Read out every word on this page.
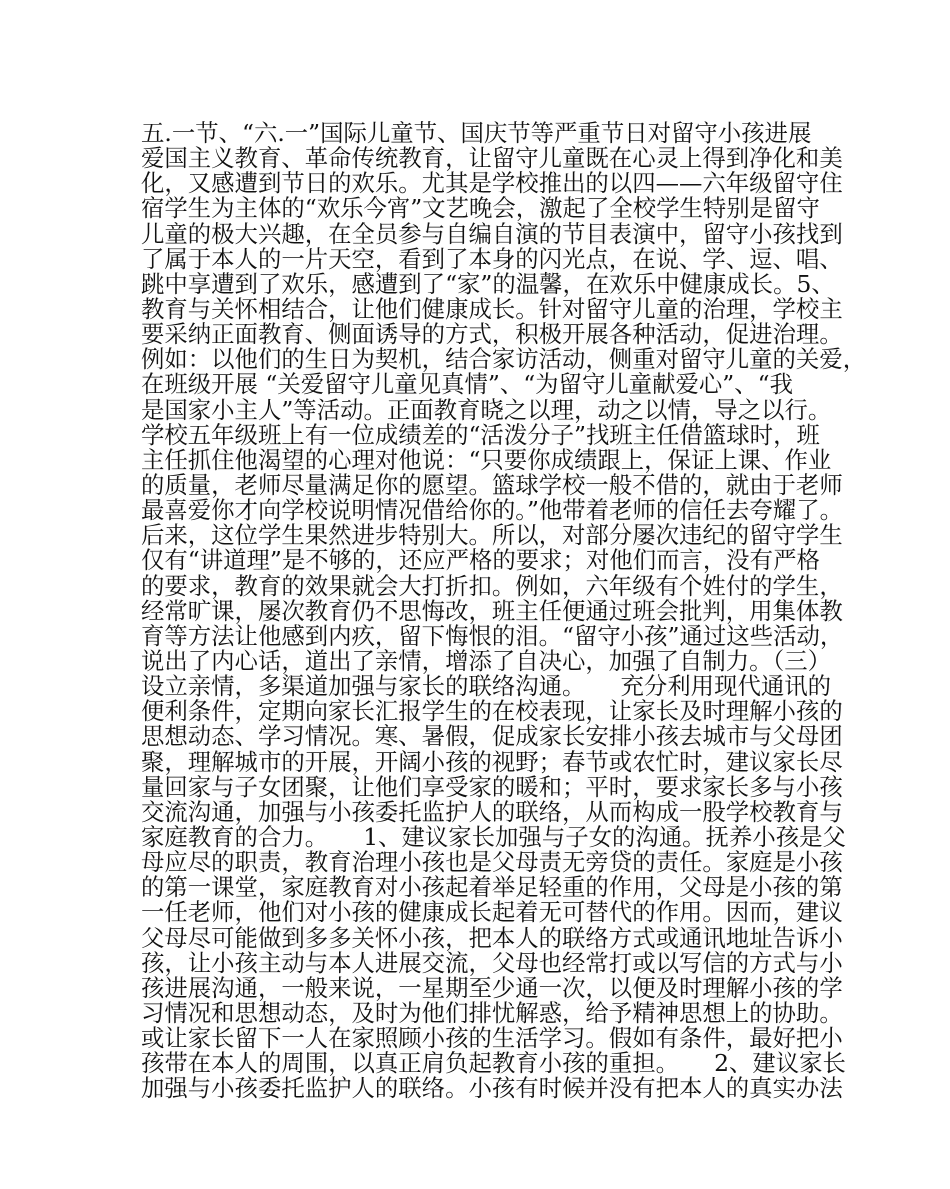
五.一节、“六.一”国际儿童节、国庆节等严重节日对留守小孩进展
爱国主义教育、革命传统教育，让留守儿童既在心灵上得到净化和美
化，又感遭到节日的欢乐。尤其是学校推出的以四——六年级留守住
宿学生为主体的“欢乐今宵”文艺晚会，激起了全校学生特别是留守
儿童的极大兴趣，在全员参与自编自演的节目表演中，留守小孩找到
了属于本人的一片天空，看到了本身的闪光点，在说、学、逗、唱、
跳中享遭到了欢乐，感遭到了“家”的温馨，在欢乐中健康成长。5、
教育与关怀相结合，让他们健康成长。针对留守儿童的治理，学校主
要采纳正面教育、侧面诱导的方式，积极开展各种活动，促进治理。
例如：以他们的生日为契机，结合家访活动，侧重对留守儿童的关爱，
在班级开展 “关爱留守儿童见真情”、“为留守儿童献爱心”、“我
是国家小主人”等活动。正面教育晓之以理，动之以情，导之以行。
学校五年级班上有一位成绩差的“活泼分子”找班主任借篮球时，班
主任抓住他渴望的心理对他说：“只要你成绩跟上，保证上课、作业
的质量，老师尽量满足你的愿望。篮球学校一般不借的，就由于老师
最喜爱你才向学校说明情况借给你的。”他带着老师的信任去夸耀了。
后来，这位学生果然进步特别大。所以，对部分屡次违纪的留守学生
仅有“讲道理”是不够的，还应严格的要求；对他们而言，没有严格
的要求，教育的效果就会大打折扣。例如，六年级有个姓付的学生，
经常旷课，屡次教育仍不思悔改，班主任便通过班会批判，用集体教
育等方法让他感到内疚，留下悔恨的泪。“留守小孩”通过这些活动，
说出了内心话，道出了亲情，增添了自决心，加强了自制力。（三）
设立亲情，多渠道加强与家长的联络沟通。　　充分利用现代通讯的
便利条件，定期向家长汇报学生的在校表现，让家长及时理解小孩的
思想动态、学习情况。寒、暑假，促成家长安排小孩去城市与父母团
聚，理解城市的开展，开阔小孩的视野；春节或农忙时，建议家长尽
量回家与子女团聚，让他们享受家的暖和；平时，要求家长多与小孩
交流沟通，加强与小孩委托监护人的联络，从而构成一股学校教育与
家庭教育的合力。　　1、建议家长加强与子女的沟通。抚养小孩是父
母应尽的职责，教育治理小孩也是父母责无旁贷的责任。家庭是小孩
的第一课堂，家庭教育对小孩起着举足轻重的作用，父母是小孩的第
一任老师，他们对小孩的健康成长起着无可替代的作用。因而，建议
父母尽可能做到多多关怀小孩，把本人的联络方式或通讯地址告诉小
孩，让小孩主动与本人进展交流，父母也经常打或以写信的方式与小
孩进展沟通，一般来说，一星期至少通一次，以便及时理解小孩的学
习情况和思想动态，及时为他们排忧解惑，给予精神思想上的协助。
或让家长留下一人在家照顾小孩的生活学习。假如有条件，最好把小
孩带在本人的周围，以真正肩负起教育小孩的重担。　　2、建议家长
加强与小孩委托监护人的联络。小孩有时候并没有把本人的真实办法
